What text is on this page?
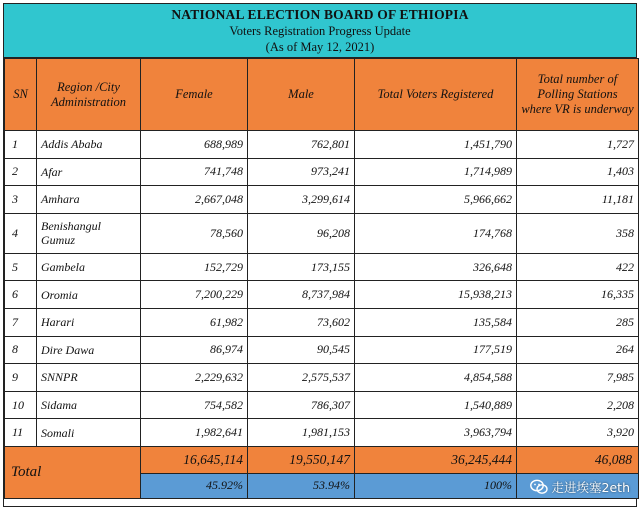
NATIONAL ELECTION BOARD OF ETHIOPIA
Voters Registration Progress Update
(As of May 12, 2021)
SN	Region /City Administration	Female	Male	Total Voters Registered	Total number of Polling Stations where VR is underway
1	Addis Ababa	688,989	762,801	1,451,790	1,727
2	Afar	741,748	973,241	1,714,989	1,403
3	Amhara	2,667,048	3,299,614	5,966,662	11,181
4	Benishangul Gumuz	78,560	96,208	174,768	358
5	Gambela	152,729	173,155	326,648	422
6	Oromia	7,200,229	8,737,984	15,938,213	16,335
7	Harari	61,982	73,602	135,584	285
8	Dire Dawa	86,974	90,545	177,519	264
9	SNNPR	2,229,632	2,575,537	4,854,588	7,985
10	Sidama	754,582	786,307	1,540,889	2,208
11	Somali	1,982,641	1,981,153	3,963,794	3,920
Total		16,645,114	19,550,147	36,245,444	46,088
		45.92%	53.94%	100%		走进埃塞2eth
